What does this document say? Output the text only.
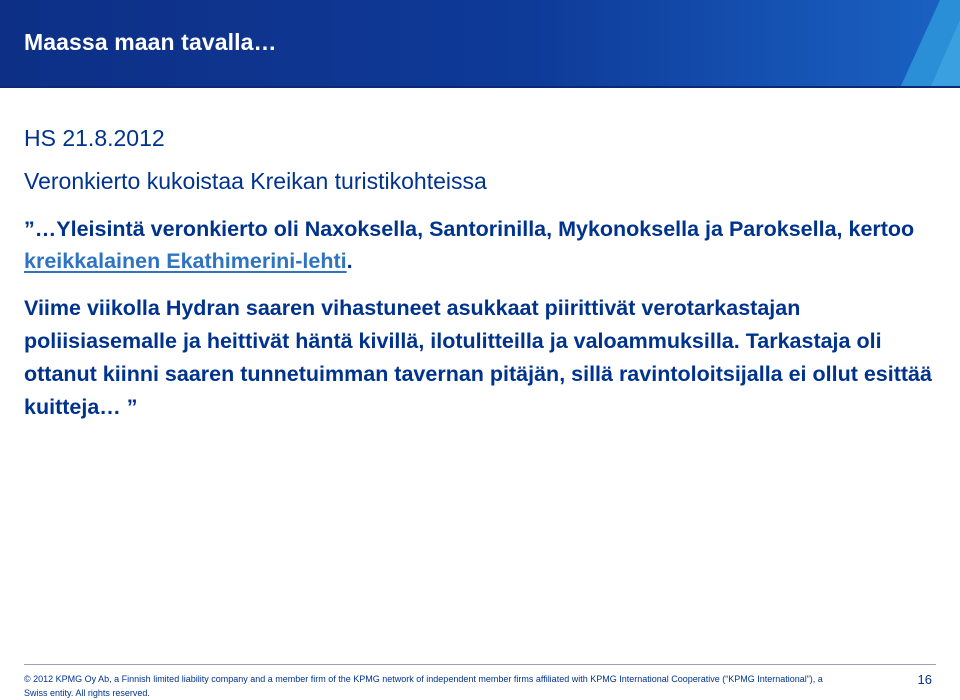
Maassa maan tavalla…

HS 21.8.2012

Veronkierto kukoistaa Kreikan turistikohteissa

”…Yleisintä veronkierto oli Naxoksella, Santorinilla, Mykonoksella ja Paroksella, kertoo kreikkalainen Ekathimerini-lehti.

Viime viikolla Hydran saaren vihastuneet asukkaat piirittivät verotarkastajan poliisiasemalle ja heittivät häntä kivillä, ilotulitteilla ja valoammuksilla. Tarkastaja oli ottanut kiinni saaren tunnetuimman tavernan pitäjän, sillä ravintoloitsijalla ei ollut esittää kuitteja… ”

© 2012 KPMG Oy Ab, a Finnish limited liability company and a member firm of the KPMG network of independent member firms affiliated with KPMG International Cooperative (“KPMG International”), a Swiss entity. All rights reserved.
16
